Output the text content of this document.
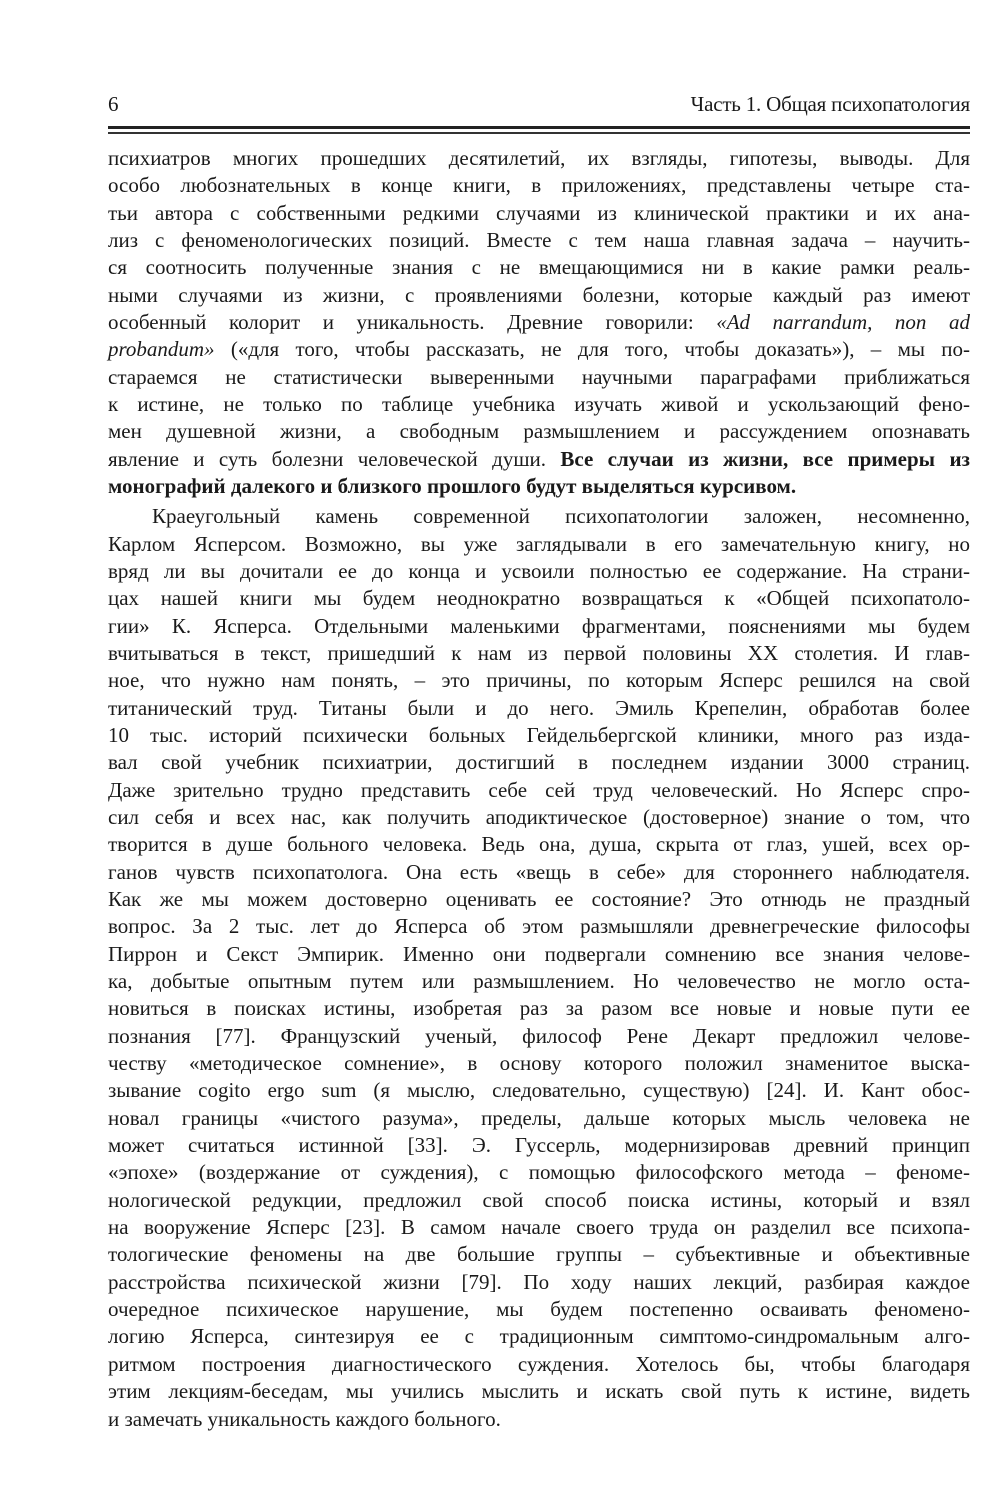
6	Часть 1. Общая психопатология
психиатров многих прошедших десятилетий, их взгляды, гипотезы, выводы. Для
особо любознательных в конце книги, в приложениях, представлены четыре ста-
тьи автора с собственными редкими случаями из клинической практики и их ана-
лиз с феноменологических позиций. Вместе с тем наша главная задача – научить-
ся соотносить полученные знания с не вмещающимися ни в какие рамки реаль-
ными случаями из жизни, с проявлениями болезни, которые каждый раз имеют
особенный колорит и уникальность. Древние говорили: «Ad narrandum, non ad
probandum» («для того, чтобы рассказать, не для того, чтобы доказать»), – мы по-
стараемся не статистически выверенными научными параграфами приближаться
к истине, не только по таблице учебника изучать живой и ускользающий фено-
мен душевной жизни, а свободным размышлением и рассуждением опознавать
явление и суть болезни человеческой души. Все случаи из жизни, все примеры из
монографий далекого и близкого прошлого будут выделяться курсивом.
Краеугольный камень современной психопатологии заложен, несомненно,
Карлом Ясперсом. Возможно, вы уже заглядывали в его замечательную книгу, но
вряд ли вы дочитали ее до конца и усвоили полностью ее содержание. На страни-
цах нашей книги мы будем неоднократно возвращаться к «Общей психопатоло-
гии» К. Ясперса. Отдельными маленькими фрагментами, пояснениями мы будем
вчитываться в текст, пришедший к нам из первой половины XX столетия. И глав-
ное, что нужно нам понять, – это причины, по которым Ясперс решился на свой
титанический труд. Титаны были и до него. Эмиль Крепелин, обработав более
10 тыс. историй психически больных Гейдельбергской клиники, много раз изда-
вал свой учебник психиатрии, достигший в последнем издании 3000 страниц.
Даже зрительно трудно представить себе сей труд человеческий. Но Ясперс спро-
сил себя и всех нас, как получить аподиктическое (достоверное) знание о том, что
творится в душе больного человека. Ведь она, душа, скрыта от глаз, ушей, всех ор-
ганов чувств психопатолога. Она есть «вещь в себе» для стороннего наблюдателя.
Как же мы можем достоверно оценивать ее состояние? Это отнюдь не праздный
вопрос. За 2 тыс. лет до Ясперса об этом размышляли древнегреческие философы
Пиррон и Секст Эмпирик. Именно они подвергали сомнению все знания челове-
ка, добытые опытным путем или размышлением. Но человечество не могло оста-
новиться в поисках истины, изобретая раз за разом все новые и новые пути ее
познания [77]. Французский ученый, философ Рене Декарт предложил челове-
честву «методическое сомнение», в основу которого положил знаменитое выска-
зывание cogito ergo sum (я мыслю, следовательно, существую) [24]. И. Кант обос-
новал границы «чистого разума», пределы, дальше которых мысль человека не
может считаться истинной [33]. Э. Гуссерль, модернизировав древний принцип
«эпохе» (воздержание от суждения), с помощью философского метода – феноме-
нологической редукции, предложил свой способ поиска истины, который и взял
на вооружение Ясперс [23]. В самом начале своего труда он разделил все психопа-
тологические феномены на две большие группы – субъективные и объективные
расстройства психической жизни [79]. По ходу наших лекций, разбирая каждое
очередное психическое нарушение, мы будем постепенно осваивать феномено-
логию Ясперса, синтезируя ее с традиционным симптомо-синдромальным алго-
ритмом построения диагностического суждения. Хотелось бы, чтобы благодаря
этим лекциям-беседам, мы учились мыслить и искать свой путь к истине, видеть
и замечать уникальность каждого больного.
